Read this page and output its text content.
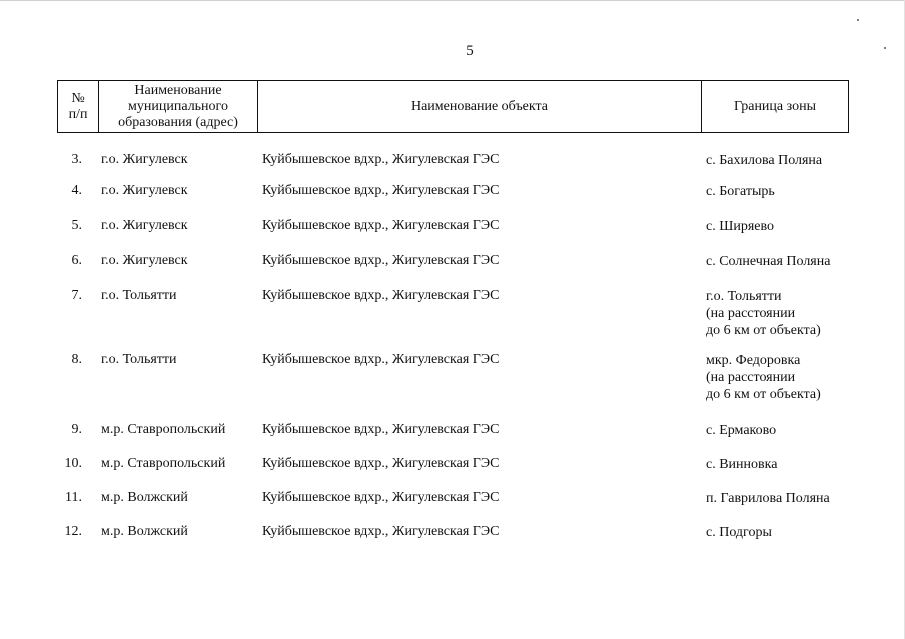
5
№
п/п	Наименование
муниципального
образования (адрес)	Наименование объекта	Граница зоны
3. г.о. Жигулевск	Куйбышевское вдхр., Жигулевская ГЭС	с. Бахилова Поляна
4. г.о. Жигулевск	Куйбышевское вдхр., Жигулевская ГЭС	с. Богатырь
5. г.о. Жигулевск	Куйбышевское вдхр., Жигулевская ГЭС	с. Ширяево
6. г.о. Жигулевск	Куйбышевское вдхр., Жигулевская ГЭС	с. Солнечная Поляна
7. г.о. Тольятти	Куйбышевское вдхр., Жигулевская ГЭС	г.о. Тольятти
(на расстоянии
до 6 км от объекта)
8. г.о. Тольятти	Куйбышевское вдхр., Жигулевская ГЭС	мкр. Федоровка
(на расстоянии
до 6 км от объекта)
9. м.р. Ставропольский	Куйбышевское вдхр., Жигулевская ГЭС	с. Ермаково
10. м.р. Ставропольский	Куйбышевское вдхр., Жигулевская ГЭС	с. Винновка
11. м.р. Волжский	Куйбышевское вдхр., Жигулевская ГЭС	п. Гаврилова Поляна
12. м.р. Волжский	Куйбышевское вдхр., Жигулевская ГЭС	с. Подгоры
